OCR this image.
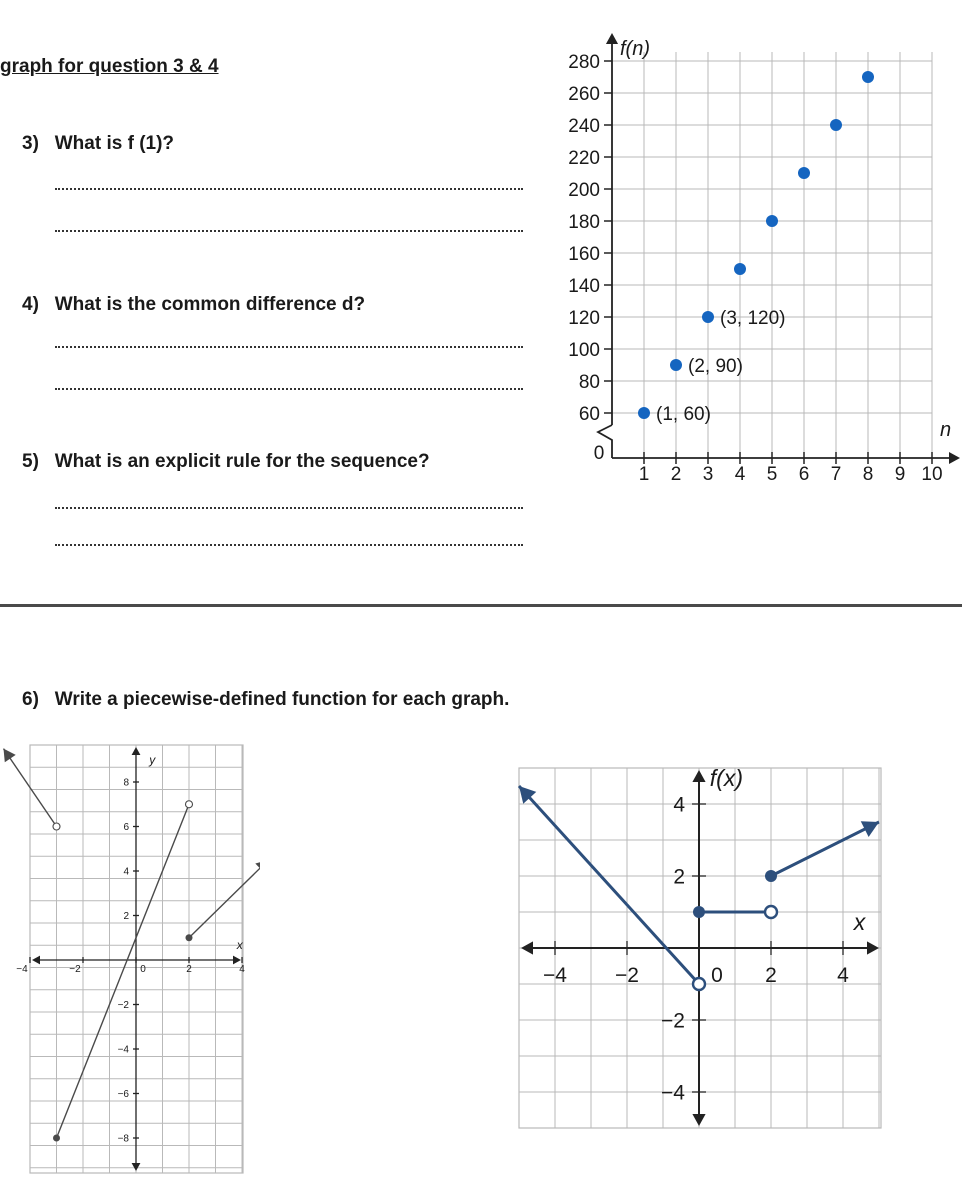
graph for question 3 & 4
3) What is f (1)?
4) What is the common difference d?
5) What is an explicit rule for the sequence?
6) Write a piecewise-defined function for each graph.
60
80
100
120
140
160
180
200
220
240
260
280
1 2 3 4 5 6 7 8 9 10
0
f(n)
n
(1, 60)
(2, 90)
(3, 120)
−4	−2	0	2	4
8
6
4
2
−2
−4
−6
−8
x
y
−4 −2	0 2	4
4
2
−2
−4
x
f(x)
